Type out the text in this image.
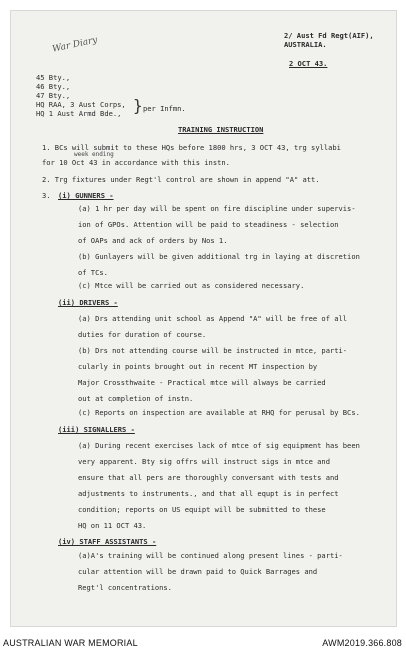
War Diary	2/ Aust Fd Regt(AIF),
AUSTRALIA.
2 OCT 43.
45 Bty.,
46 Bty.,
47 Bty.,
HQ RAA, 3 Aust Corps,
HQ 1 Aust Armd Bde., } per Infmn.
TRAINING INSTRUCTION
1. BCs will submit to these HQs before 1800 hrs, 3 OCT 43, trg syllabi
week ending
for 10 Oct 43 in accordance with this instn.
2. Trg fixtures under Regt'l control are shown in append "A" att.
3. (i) GUNNERS -
(a) 1 hr per day will be spent on fire discipline under supervis-
ion of GPOs. Attention will be paid to steadiness - selection
of OAPs and ack of orders by Nos 1.
(b) Gunlayers will be given additional trg in laying at discretion
of TCs.
(c) Mtce will be carried out as considered necessary.
(ii) DRIVERS -
(a) Drs attending unit school as Append "A" will be free of all
duties for duration of course.
(b) Drs not attending course will be instructed in mtce, parti-
cularly in points brought out in recent MT inspection by
Major Crossthwaite - Practical mtce will always be carried
out at completion of instn.
(c) Reports on inspection are available at RHQ for perusal by BCs.
(iii) SIGNALLERS -
(a) During recent exercises lack of mtce of sig equipment has been
very apparent. Bty sig offrs will instruct sigs in mtce and
ensure that all pers are thoroughly conversant with tests and
adjustments to instruments., and that all equpt is in perfect
condition; reports on US equipt will be submitted to these
HQ on 11 OCT 43.
(iv) STAFF ASSISTANTS -
(a)A's training will be continued along present lines - parti-
cular attention will be drawn paid to Quick Barrages and
Regt'l concentrations.
AUSTRALIAN WAR MEMORIAL	AWM2019.366.808
